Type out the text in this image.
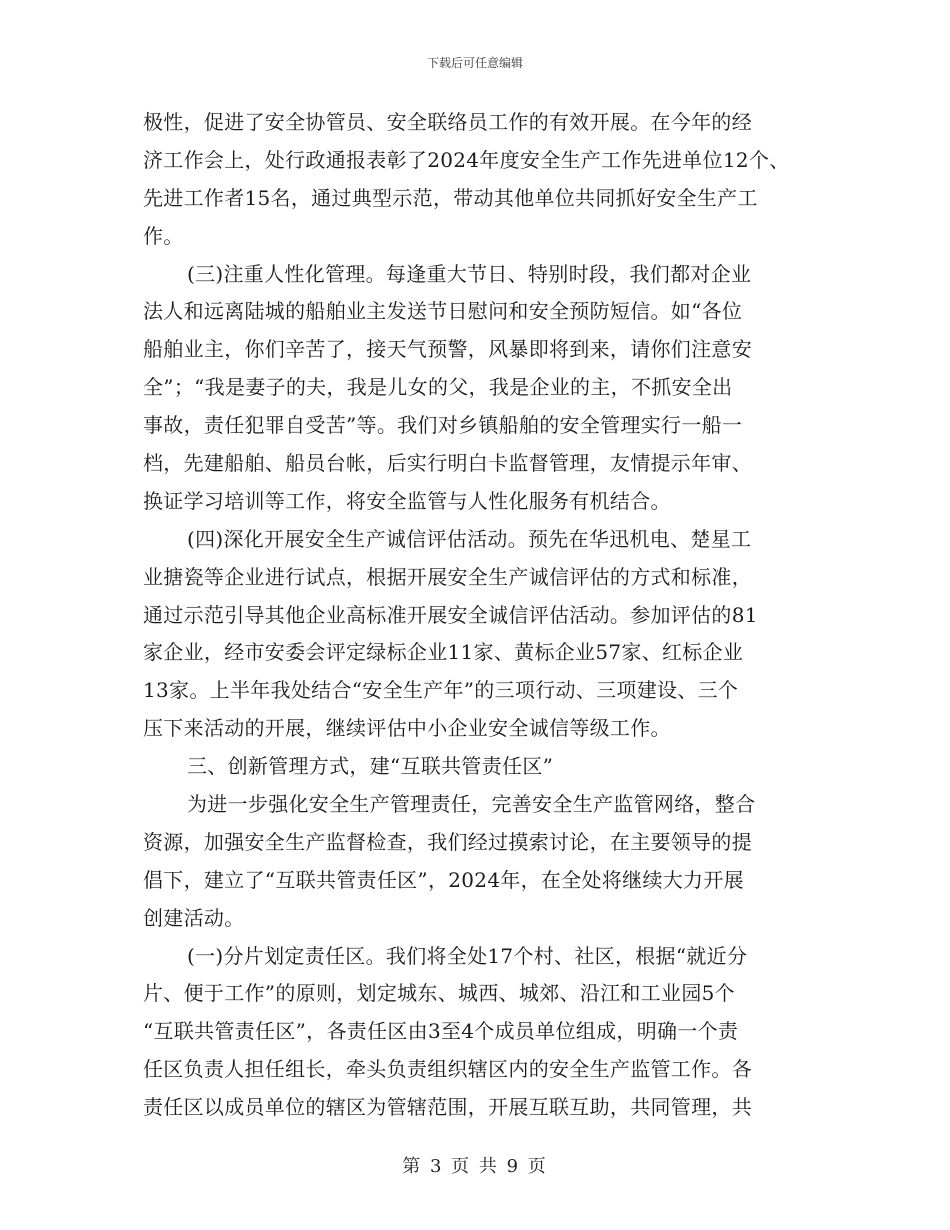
下载后可任意编辑
极性，促进了安全协管员、安全联络员工作的有效开展。在今年的经
济工作会上，处行政通报表彰了2024年度安全生产工作先进单位12个、
先进工作者15名，通过典型示范，带动其他单位共同抓好安全生产工
作。
(三)注重人性化管理。每逢重大节日、特别时段，我们都对企业
法人和远离陆城的船舶业主发送节日慰问和安全预防短信。如“各位
船舶业主，你们辛苦了，接天气预警，风暴即将到来，请你们注意安
全”；“我是妻子的夫，我是儿女的父，我是企业的主，不抓安全出
事故，责任犯罪自受苦”等。我们对乡镇船舶的安全管理实行一船一
档，先建船舶、船员台帐，后实行明白卡监督管理，友情提示年审、
换证学习培训等工作，将安全监管与人性化服务有机结合。
(四)深化开展安全生产诚信评估活动。预先在华迅机电、楚星工
业搪瓷等企业进行试点，根据开展安全生产诚信评估的方式和标准，
通过示范引导其他企业高标准开展安全诚信评估活动。参加评估的81
家企业，经市安委会评定绿标企业11家、黄标企业57家、红标企业
13家。上半年我处结合“安全生产年”的三项行动、三项建设、三个
压下来活动的开展，继续评估中小企业安全诚信等级工作。
三、创新管理方式，建“互联共管责任区”
为进一步强化安全生产管理责任，完善安全生产监管网络，整合
资源，加强安全生产监督检查，我们经过摸索讨论，在主要领导的提
倡下，建立了“互联共管责任区”，2024年，在全处将继续大力开展
创建活动。
(一)分片划定责任区。我们将全处17个村、社区，根据“就近分
片、便于工作”的原则，划定城东、城西、城郊、沿江和工业园5个
“互联共管责任区”，各责任区由3至4个成员单位组成，明确一个责
任区负责人担任组长，牵头负责组织辖区内的安全生产监管工作。各
责任区以成员单位的辖区为管辖范围，开展互联互助，共同管理，共
第 3 页 共 9 页
